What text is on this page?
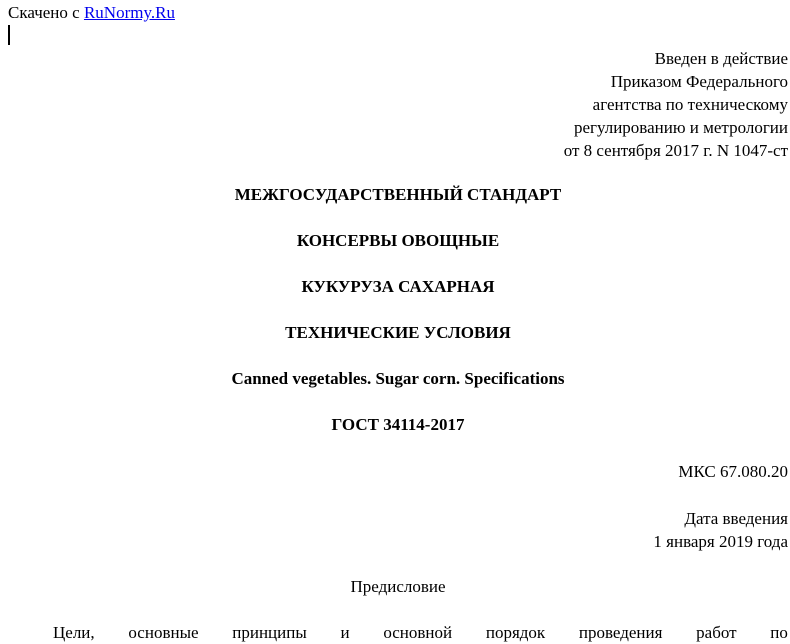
Скачено с RuNormy.Ru
Введен в действие
Приказом Федерального
агентства по техническому
регулированию и метрологии
от 8 сентября 2017 г. N 1047-ст
МЕЖГОСУДАРСТВЕННЫЙ СТАНДАРТ
КОНСЕРВЫ ОВОЩНЫЕ
КУКУРУЗА САХАРНАЯ
ТЕХНИЧЕСКИЕ УСЛОВИЯ
Canned vegetables. Sugar corn. Specifications
ГОСТ 34114-2017
МКС 67.080.20
Дата введения
1 января 2019 года
Предисловие
Цели, основные принципы и основной порядок проведения работ по
